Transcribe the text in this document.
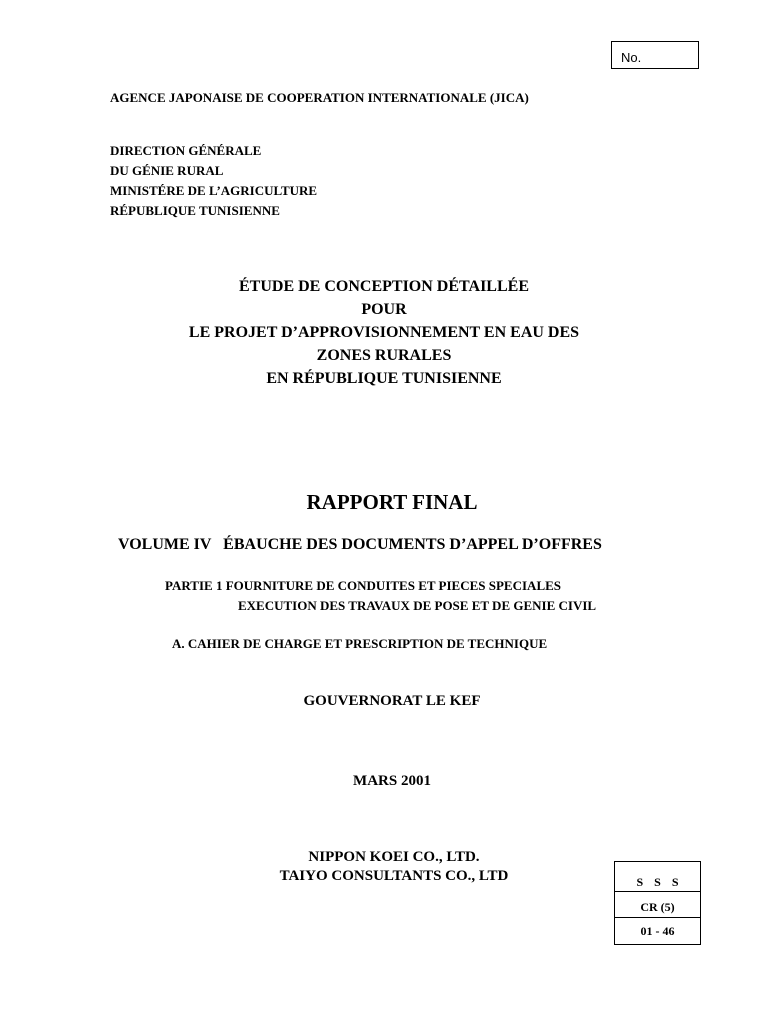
No.
AGENCE JAPONAISE DE COOPERATION INTERNATIONALE (JICA)
DIRECTION GÉNÉRALE
DU GÉNIE RURAL
MINISTÉRE DE L’AGRICULTURE
RÉPUBLIQUE TUNISIENNE
ÉTUDE DE CONCEPTION DÉTAILLÉE
POUR
LE PROJET D’APPROVISIONNEMENT EN EAU DES
ZONES RURALES
EN RÉPUBLIQUE TUNISIENNE
RAPPORT FINAL
VOLUME IV ÉBAUCHE DES DOCUMENTS D’APPEL D’OFFRES
PARTIE 1 FOURNITURE DE CONDUITES ET PIECES SPECIALES
EXECUTION DES TRAVAUX DE POSE ET DE GENIE CIVIL
A. CAHIER DE CHARGE ET PRESCRIPTION DE TECHNIQUE
GOUVERNORAT LE KEF
MARS 2001
NIPPON KOEI CO., LTD.
TAIYO CONSULTANTS CO., LTD	S S S
CR (5)
01 - 46
